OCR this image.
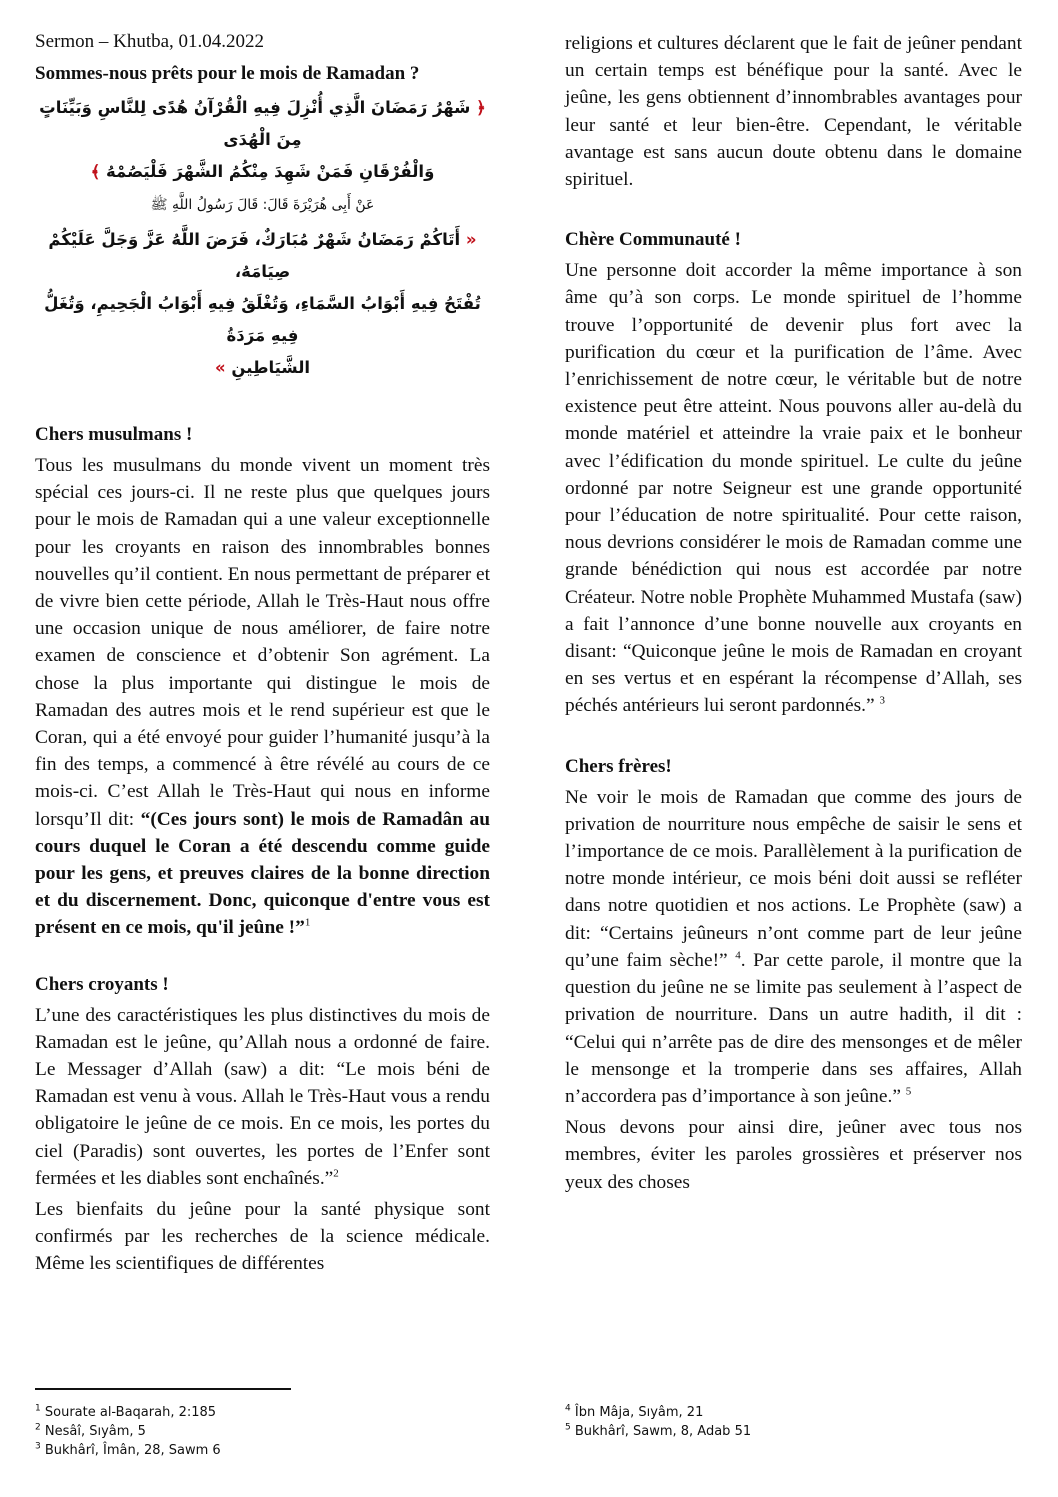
Sermon – Khutba, 01.04.2022
Sommes-nous prêts pour le mois de Ramadan ?
﴿ شَهْرُ رَمَضَانَ الَّذِي أُنْزِلَ فِيهِ الْقُرْآنُ هُدًى لِلنَّاسِ وَبَيِّنَاتٍ مِنَ الْهُدَى
وَالْفُرْقَانِ فَمَنْ شَهِدَ مِنْكُمُ الشَّهْرَ فَلْيَصُمْهُ ﴾
عَنْ أَبِى هُرَيْرَةَ قَالَ: قَالَ رَسُولُ اللَّهِ ﷺ
« أَتَاكُمْ رَمَضَانُ شَهْرٌ مُبَارَكٌ، فَرَضَ اللَّهُ عَزَّ وَجَلَّ عَلَيْكُمْ صِيَامَهُ،
تُفْتَحُ فِيهِ أَبْوَابُ السَّمَاءِ، وَتُغْلَقُ فِيهِ أَبْوَابُ الْجَحِيمِ، وَتُغَلُّ فِيهِ مَرَدَةُ
الشَّيَاطِينِ »
Chers musulmans !

Tous les musulmans du monde vivent un moment très spécial ces jours-ci. Il ne reste plus que quelques jours pour le mois de Ramadan qui a une valeur exceptionnelle pour les croyants en raison des innombrables bonnes nouvelles qu’il contient. En nous permettant de préparer et de vivre bien cette période, Allah le Très-Haut nous offre une occasion unique de nous améliorer, de faire notre examen de conscience et d’obtenir Son agrément. La chose la plus importante qui distingue le mois de Ramadan des autres mois et le rend supérieur est que le Coran, qui a été envoyé pour guider l’humanité jusqu’à la fin des temps, a commencé à être révélé au cours de ce mois-ci. C’est Allah le Très-Haut qui nous en informe lorsqu’Il dit: “(Ces jours sont) le mois de Ramadân au cours duquel le Coran a été descendu comme guide pour les gens, et preuves claires de la bonne direction et du discernement. Donc, quiconque d'entre vous est présent en ce mois, qu'il jeûne !”$^1$

Chers croyants !

L’une des caractéristiques les plus distinctives du mois de Ramadan est le jeûne, qu’Allah nous a ordonné de faire. Le Messager d’Allah (saw) a dit: “Le mois béni de Ramadan est venu à vous. Allah le Très-Haut vous a rendu obligatoire le jeûne de ce mois. En ce mois, les portes du ciel (Paradis) sont ouvertes, les portes de l’Enfer sont fermées et les diables sont enchaînés.”$^2$

Les bienfaits du jeûne pour la santé physique sont confirmés par les recherches de la science médicale. Même les scientifiques de différentes

religions et cultures déclarent que le fait de jeûner pendant un certain temps est bénéfique pour la santé. Avec le jeûne, les gens obtiennent d’innombrables avantages pour leur santé et leur bien-être. Cependant, le véritable avantage est sans aucun doute obtenu dans le domaine spirituel.

Chère Communauté !

Une personne doit accorder la même importance à son âme qu’à son corps. Le monde spirituel de l’homme trouve l’opportunité de devenir plus fort avec la purification du cœur et la purification de l’âme. Avec l’enrichissement de notre cœur, le véritable but de notre existence peut être atteint. Nous pouvons aller au-delà du monde matériel et atteindre la vraie paix et le bonheur avec l’édification du monde spirituel. Le culte du jeûne ordonné par notre Seigneur est une grande opportunité pour l’éducation de notre spiritualité. Pour cette raison, nous devrions considérer le mois de Ramadan comme une grande bénédiction qui nous est accordée par notre Créateur. Notre noble Prophète Muhammed Mustafa (saw) a fait l’annonce d’une bonne nouvelle aux croyants en disant: “Quiconque jeûne le mois de Ramadan en croyant en ses vertus et en espérant la récompense d’Allah, ses péchés antérieurs lui seront pardonnés.” $^3$

Chers frères!

Ne voir le mois de Ramadan que comme des jours de privation de nourriture nous empêche de saisir le sens et l’importance de ce mois. Parallèlement à la purification de notre monde intérieur, ce mois béni doit aussi se refléter dans notre quotidien et nos actions. Le Prophète (saw) a dit: “Certains jeûneurs n’ont comme part de leur jeûne qu’une faim sèche!” $^4$. Par cette parole, il montre que la question du jeûne ne se limite pas seulement à l’aspect de privation de nourriture. Dans un autre hadith, il dit : “Celui qui n’arrête pas de dire des mensonges et de mêler le mensonge et la tromperie dans ses affaires, Allah n’accordera pas d’importance à son jeûne.” $^5$

Nous devons pour ainsi dire, jeûner avec tous nos membres, éviter les paroles grossières et préserver nos yeux des choses

$^1$ Sourate al-Baqarah, 2:185
$^2$ Nesâî, Sıyâm, 5
$^3$ Bukhârî, Îmân, 28, Sawm 6
$^4$ Îbn Mâja, Sıyâm, 21
$^5$ Bukhârî, Sawm, 8, Adab 51
